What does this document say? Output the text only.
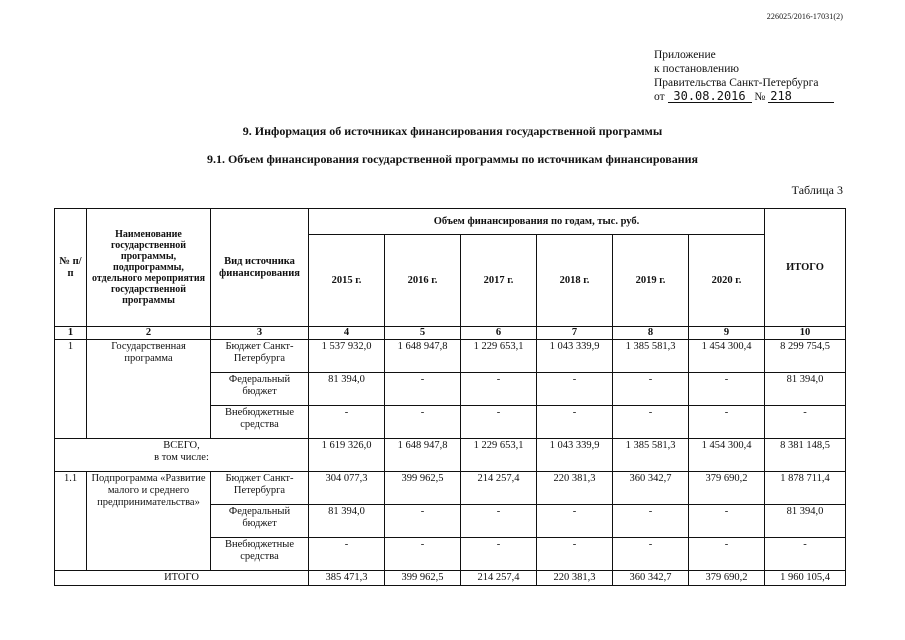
226025/2016-17031(2)
Приложение
к постановлению
Правительства Санкт-Петербурга
от 30.08.2016 № 218
9. Информация об источниках финансирования государственной программы
9.1. Объем финансирования государственной программы по источникам финансирования
Таблица 3
№ п/п	Наименование государственной программы, подпрограммы, отдельного мероприятия государственной программы	Вид источника финансирования	Объем финансирования по годам, тыс. руб.						ИТОГО
			2015 г.	2016 г.	2017 г.	2018 г.	2019 г.	2020 г.	
1	2	3	4	5	6	7	8	9	10
1	Государственная программа	Бюджет Санкт-Петербурга	1 537 932,0	1 648 947,8	1 229 653,1	1 043 339,9	1 385 581,3	1 454 300,4	8 299 754,5
		Федеральный бюджет	81 394,0	-	-	-	-	-	81 394,0
		Внебюджетные средства	-	-	-	-	-	-	-

ВСЕГО,
в том числе:			1 619 326,0	1 648 947,8	1 229 653,1	1 043 339,9	1 385 581,3	1 454 300,4	8 381 148,5
1.1	Подпрограмма «Развитие малого и среднего предпринимательства»	Бюджет Санкт-Петербурга	304 077,3	399 962,5	214 257,4	220 381,3	360 342,7	379 690,2	1 878 711,4
		Федеральный бюджет	81 394,0	-	-	-	-	-	81 394,0
		Внебюджетные средства	-	-	-	-	-	-	-
ИТОГО			385 471,3	399 962,5	214 257,4	220 381,3	360 342,7	379 690,2	1 960 105,4
